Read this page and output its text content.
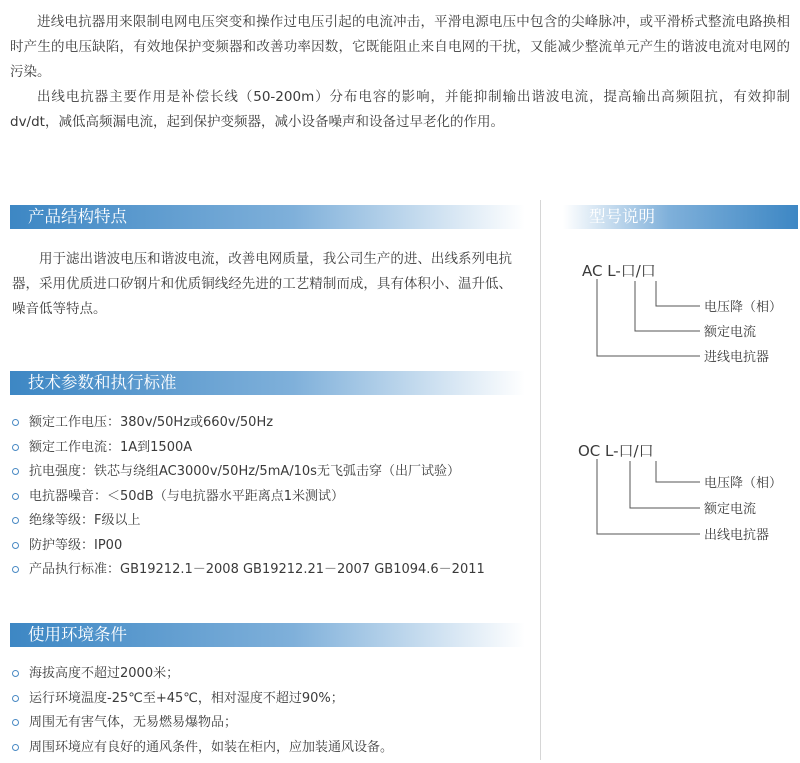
进线电抗器用来限制电网电压突变和操作过电压引起的电流冲击，平滑电源电压中包含的尖峰脉冲，或平滑桥式整流电路换相时产生的电压缺陷，有效地保护变频器和改善功率因数，它既能阻止来自电网的干扰，又能减少整流单元产生的谐波电流对电网的污染。

出线电抗器主要作用是补偿长线（50-200m）分布电容的影响，并能抑制输出谐波电流，提高输出高频阻抗，有效抑制dv/dt，减低高频漏电流，起到保护变频器，减小设备噪声和设备过早老化的作用。

产品结构特点

用于滤出谐波电压和谐波电流，改善电网质量，我公司生产的进、出线系列电抗器，采用优质进口矽钢片和优质铜线经先进的工艺精制而成，具有体积小、温升低、噪音低等特点。

技术参数和执行标准
额定工作电压：380v/50Hz或660v/50Hz
额定工作电流：1A到1500A
抗电强度：铁芯与绕组AC3000v/50Hz/5mA/10s无飞弧击穿（出厂试验）
电抗器噪音：＜50dB（与电抗器水平距离点1米测试）
绝缘等级：F级以上
防护等级：IP00
产品执行标准：GB19212.1－2008 GB19212.21－2007 GB1094.6－2011
使用环境条件
海拔高度不超过2000米；
运行环境温度-25℃至+45℃，相对湿度不超过90%；
周围无有害气体，无易燃易爆物品；
周围环境应有良好的通风条件，如装在柜内，应加装通风设备。
型号说明
AC L-口/口
电压降（相）
额定电流
进线电抗器
OC L-口/口
电压降（相）
额定电流
出线电抗器
